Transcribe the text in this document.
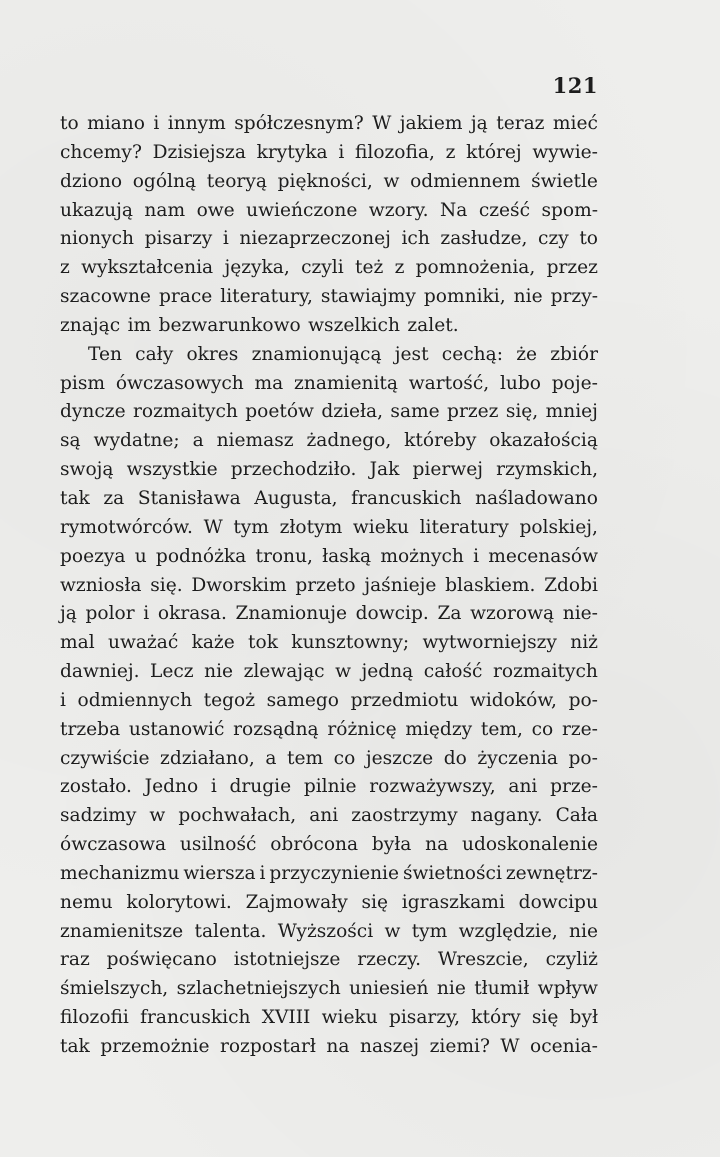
121
to miano i innym spółczesnym? W jakiem ją teraz mieć
chcemy? Dzisiejsza krytyka i filozofia, z której wywie-
dziono ogólną teoryą piękności, w odmiennem świetle
ukazują nam owe uwieńczone wzory. Na cześć spom-
nionych pisarzy i niezaprzeczonej ich zasłudze, czy to
z wykształcenia języka, czyli też z pomnożenia, przez
szacowne prace literatury, stawiajmy pomniki, nie przy-
znając im bezwarunkowo wszelkich zalet.
Ten cały okres znamionującą jest cechą: że zbiór
pism ówczasowych ma znamienitą wartość, lubo poje-
dyncze rozmaitych poetów dzieła, same przez się, mniej
są wydatne; a niemasz żadnego, któreby okazałością
swoją wszystkie przechodziło. Jak pierwej rzymskich,
tak za Stanisława Augusta, francuskich naśladowano
rymotwórców. W tym złotym wieku literatury polskiej,
poezya u podnóżka tronu, łaską możnych i mecenasów
wzniosła się. Dworskim przeto jaśnieje blaskiem. Zdobi
ją polor i okrasa. Znamionuje dowcip. Za wzorową nie-
mal uważać każe tok kunsztowny; wytworniejszy niż
dawniej. Lecz nie zlewając w jedną całość rozmaitych
i odmiennych tegoż samego przedmiotu widoków, po-
trzeba ustanowić rozsądną różnicę między tem, co rze-
czywiście zdziałano, a tem co jeszcze do życzenia po-
zostało. Jedno i drugie pilnie rozważywszy, ani prze-
sadzimy w pochwałach, ani zaostrzymy nagany. Cała
ówczasowa usilność obrócona była na udoskonalenie
mechanizmu wiersza i przyczynienie świetności zewnętrz-
nemu kolorytowi. Zajmowały się igraszkami dowcipu
znamienitsze talenta. Wyższości w tym względzie, nie
raz poświęcano istotniejsze rzeczy. Wreszcie, czyliż
śmielszych, szlachetniejszych uniesień nie tłumił wpływ
filozofii francuskich XVIII wieku pisarzy, który się był
tak przemożnie rozpostarł na naszej ziemi? W ocenia-
